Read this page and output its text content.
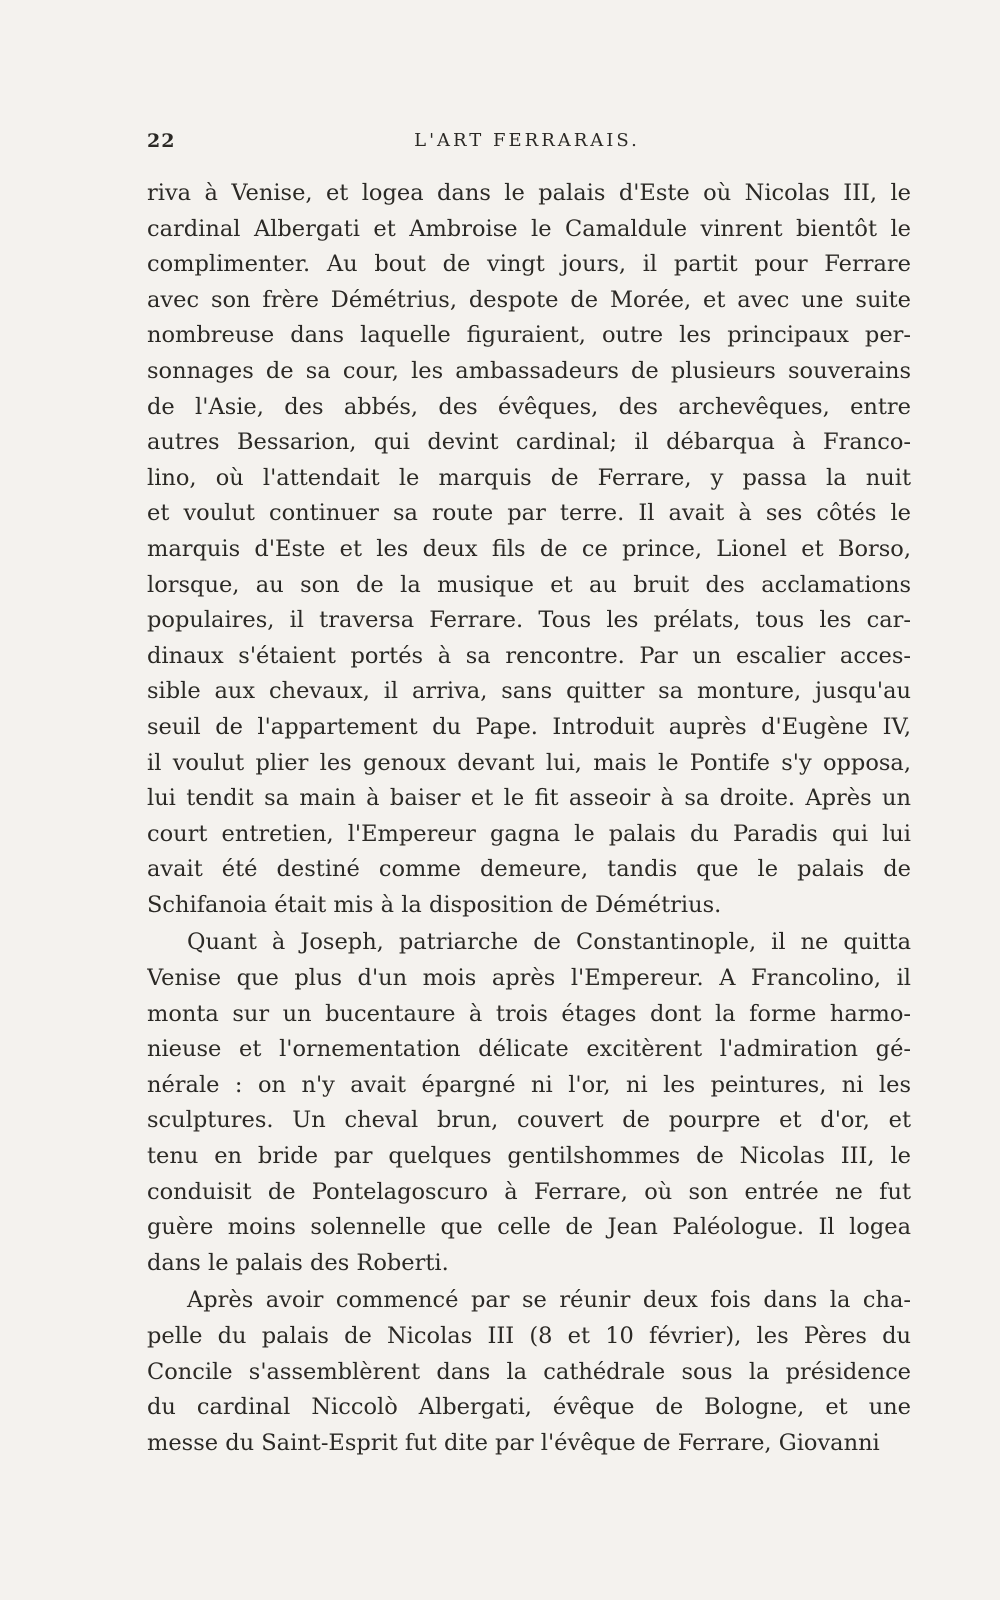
22	L'ART FERRARAIS.
riva à Venise, et logea dans le palais d'Este où Nicolas III, le
cardinal Albergati et Ambroise le Camaldule vinrent bientôt le
complimenter. Au bout de vingt jours, il partit pour Ferrare
avec son frère Démétrius, despote de Morée, et avec une suite
nombreuse dans laquelle figuraient, outre les principaux per-
sonnages de sa cour, les ambassadeurs de plusieurs souverains
de l'Asie, des abbés, des évêques, des archevêques, entre
autres Bessarion, qui devint cardinal; il débarqua à Franco-
lino, où l'attendait le marquis de Ferrare, y passa la nuit
et voulut continuer sa route par terre. Il avait à ses côtés le
marquis d'Este et les deux fils de ce prince, Lionel et Borso,
lorsque, au son de la musique et au bruit des acclamations
populaires, il traversa Ferrare. Tous les prélats, tous les car-
dinaux s'étaient portés à sa rencontre. Par un escalier acces-
sible aux chevaux, il arriva, sans quitter sa monture, jusqu'au
seuil de l'appartement du Pape. Introduit auprès d'Eugène IV,
il voulut plier les genoux devant lui, mais le Pontife s'y opposa,
lui tendit sa main à baiser et le fit asseoir à sa droite. Après un
court entretien, l'Empereur gagna le palais du Paradis qui lui
avait été destiné comme demeure, tandis que le palais de
Schifanoia était mis à la disposition de Démétrius.
Quant à Joseph, patriarche de Constantinople, il ne quitta
Venise que plus d'un mois après l'Empereur. A Francolino, il
monta sur un bucentaure à trois étages dont la forme harmo-
nieuse et l'ornementation délicate excitèrent l'admiration gé-
nérale : on n'y avait épargné ni l'or, ni les peintures, ni les
sculptures. Un cheval brun, couvert de pourpre et d'or, et
tenu en bride par quelques gentilshommes de Nicolas III, le
conduisit de Pontelagoscuro à Ferrare, où son entrée ne fut
guère moins solennelle que celle de Jean Paléologue. Il logea
dans le palais des Roberti.
Après avoir commencé par se réunir deux fois dans la cha-
pelle du palais de Nicolas III (8 et 10 février), les Pères du
Concile s'assemblèrent dans la cathédrale sous la présidence
du cardinal Niccolò Albergati, évêque de Bologne, et une
messe du Saint-Esprit fut dite par l'évêque de Ferrare, Giovanni
